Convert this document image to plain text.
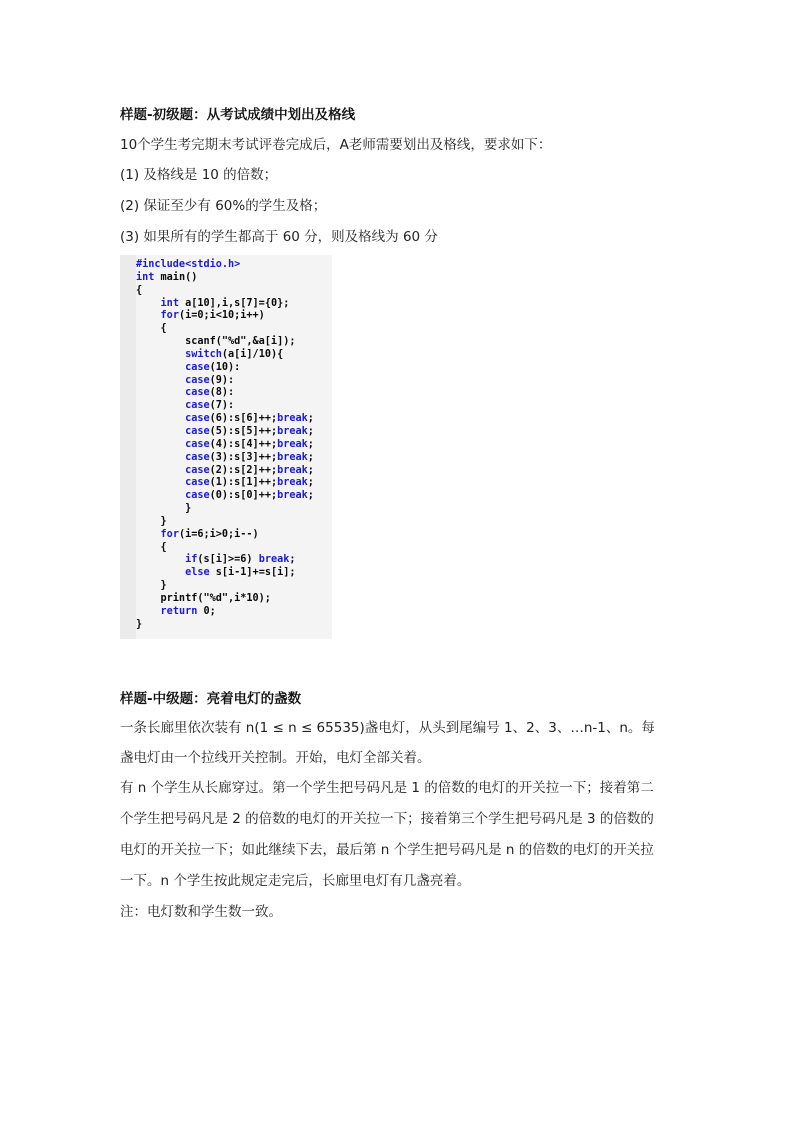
样题-初级题：从考试成绩中划出及格线
10个学生考完期末考试评卷完成后，A老师需要划出及格线，要求如下：
(1) 及格线是 10 的倍数；
(2) 保证至少有 60%的学生及格；
(3) 如果所有的学生都高于 60 分，则及格线为 60 分
#include<stdio.h>
int main()
{
int a[10],i,s[7]={0};
for(i=0;i<10;i++)
{
scanf("%d",&a[i]);
switch(a[i]/10){
case(10):
case(9):
case(8):
case(7):
case(6):s[6]++;break;
case(5):s[5]++;break;
case(4):s[4]++;break;
case(3):s[3]++;break;
case(2):s[2]++;break;
case(1):s[1]++;break;
case(0):s[0]++;break;
}
}
for(i=6;i>0;i--)
{
if(s[i]>=6) break;
else s[i-1]+=s[i];
}
printf("%d",i*10);
return 0;
}
样题-中级题：亮着电灯的盏数
一条长廊里依次装有 n(1 ≤ n ≤ 65535)盏电灯，从头到尾编号 1、2、3、…n-1、n。每
盏电灯由一个拉线开关控制。开始，电灯全部关着。
有 n 个学生从长廊穿过。第一个学生把号码凡是 1 的倍数的电灯的开关拉一下；接着第二
个学生把号码凡是 2 的倍数的电灯的开关拉一下；接着第三个学生把号码凡是 3 的倍数的
电灯的开关拉一下；如此继续下去，最后第 n 个学生把号码凡是 n 的倍数的电灯的开关拉
一下。n 个学生按此规定走完后，长廊里电灯有几盏亮着。
注：电灯数和学生数一致。
